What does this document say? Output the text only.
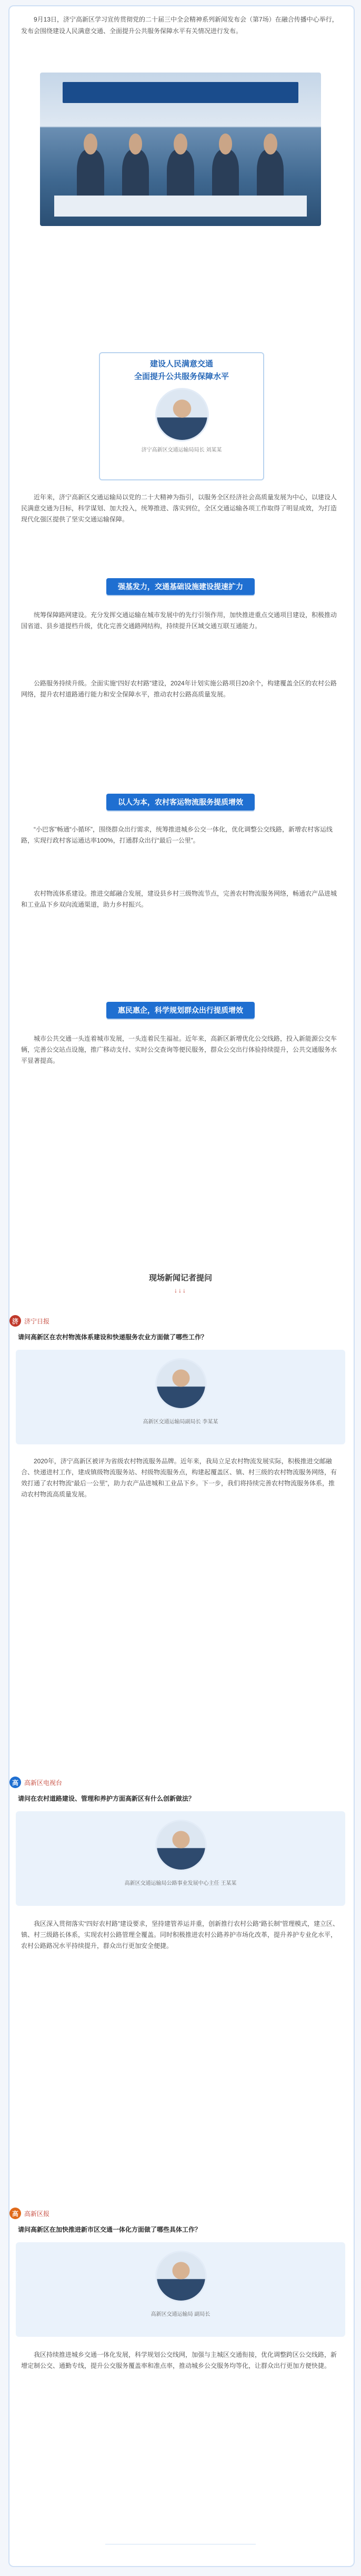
9月13日，济宁高新区学习宣传贯彻党的二十届三中全会精神系列新闻发布会（第7场）在融合传播中心举行，发布会围绕建设人民满意交通、全面提升公共服务保障水平有关情况进行发布。
建设人民满意交通
全面提升公共服务保障水平
济宁高新区交通运输局局长 刘某某
近年来，济宁高新区交通运输局以党的二十大精神为指引，以服务全区经济社会高质量发展为中心，以建设人民满意交通为目标，科学谋划、加大投入，统筹推进、落实到位，全区交通运输各项工作取得了明显成效，为打造现代化强区提供了坚实交通运输保障。
强基发力，交通基础设施建设提速扩力
统筹保障路网建设。充分发挥交通运输在城市发展中的先行引领作用，加快推进重点交通项目建设，积极推动国省道、县乡道提档升级，优化完善交通路网结构，持续提升区域交通互联互通能力。
公路服务持续升级。全面实施“四好农村路”建设，2024年计划实施公路项目20余个，构建覆盖全区的农村公路网络，提升农村道路通行能力和安全保障水平，推动农村公路高质量发展。
以人为本，农村客运物流服务提质增效
“小巴客”畅通“小循环”，围绕群众出行需求，统筹推进城乡公交一体化，优化调整公交线路，新增农村客运线路，实现行政村客运通达率100%，打通群众出行“最后一公里”。
农村物流体系建设。推进交邮融合发展，建设县乡村三级物流节点，完善农村物流服务网络，畅通农产品进城和工业品下乡双向流通渠道，助力乡村振兴。
惠民惠企，科学规划群众出行提质增效
城市公共交通一头连着城市发展，一头连着民生福祉。近年来，高新区新增优化公交线路，投入新能源公交车辆，完善公交站点设施，推广移动支付、实时公交查询等便民服务，群众公交出行体验持续提升，公共交通服务水平显著提高。
现场新闻记者提问
↓↓↓
济 济宁日报
请问高新区在农村物流体系建设和快递服务农业方面做了哪些工作？
高新区交通运输局副局长 李某某
2020年，济宁高新区被评为省级农村物流服务品牌。近年来，我局立足农村物流发展实际，积极推进交邮融合、快递进村工作，建成镇级物流服务站、村级物流服务点，构建起覆盖区、镇、村三级的农村物流服务网络，有效打通了农村物流“最后一公里”，助力农产品进城和工业品下乡。下一步，我们将持续完善农村物流服务体系，推动农村物流高质量发展。
高 高新区电视台
请问在农村道路建设、管理和养护方面高新区有什么创新做法？
高新区交通运输局公路事业发展中心主任 王某某
我区深入贯彻落实“四好农村路”建设要求，坚持建管养运并重，创新推行农村公路“路长制”管理模式，建立区、镇、村三级路长体系，实现农村公路管理全覆盖。同时积极推进农村公路养护市场化改革，提升养护专业化水平，农村公路路况水平持续提升，群众出行更加安全便捷。
高 高新区报
请问高新区在加快推进新市区交通一体化方面做了哪些具体工作？
高新区交通运输局 副局长
我区持续推进城乡交通一体化发展，科学规划公交线网，加强与主城区交通衔接，优化调整跨区公交线路，新增定制公交、通勤专线，提升公交服务覆盖率和准点率，推动城乡公交服务均等化，让群众出行更加方便快捷。
